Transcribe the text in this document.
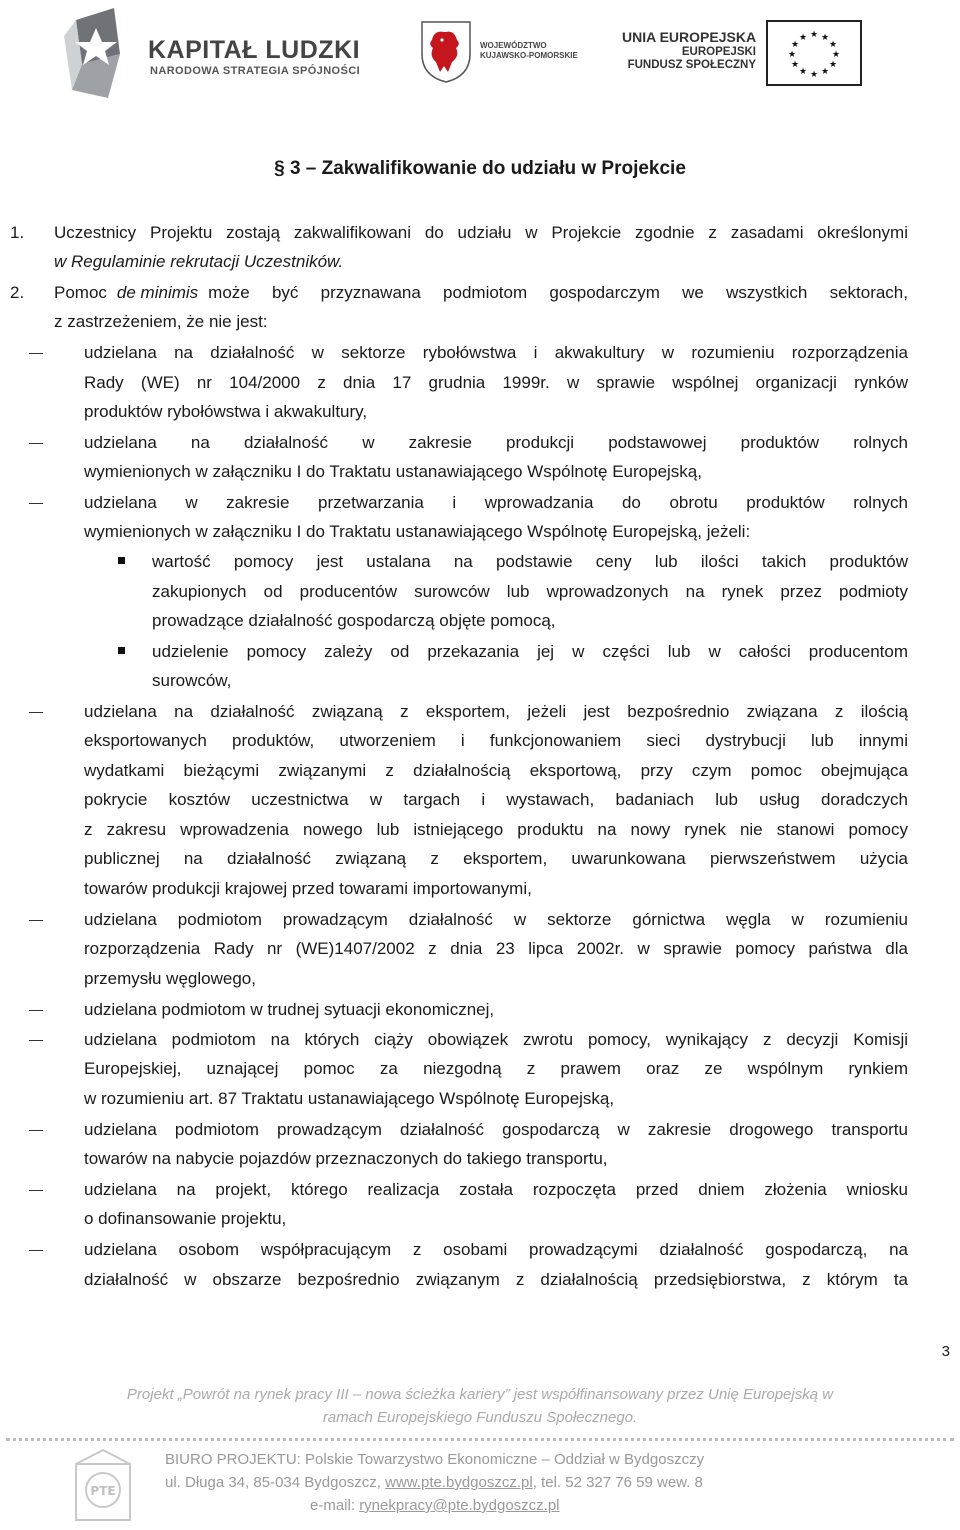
KAPITAŁ LUDZKI
NARODOWA STRATEGIA SPÓJNOŚCI
WOJEWÓDZTWO
KUJAWSKO-POMORSKIE
UNIA EUROPEJSKA
EUROPEJSKI
FUNDUSZ SPOŁECZNY
★ ★
★
★
★
★
★
★
★
★
★
★
§ 3 – Zakwalifikowanie do udziału w Projekcie
1. Uczestnicy Projektu zostają zakwalifikowani do udziału w Projekcie zgodnie z zasadami określonymi
w Regulaminie rekrutacji Uczestników.
2. Pomoc de minimis może być przyznawana podmiotom gospodarczym we wszystkich sektorach,
z zastrzeżeniem, że nie jest:
udzielana na działalność w sektorze rybołówstwa i akwakultury w rozumieniu rozporządzenia
Rady (WE) nr 104/2000 z dnia 17 grudnia 1999r. w sprawie wspólnej organizacji rynków
produktów rybołówstwa i akwakultury,
udzielana na działalność w zakresie produkcji podstawowej produktów rolnych
wymienionych w załączniku I do Traktatu ustanawiającego Wspólnotę Europejską,
udzielana w zakresie przetwarzania i wprowadzania do obrotu produktów rolnych
wymienionych w załączniku I do Traktatu ustanawiającego Wspólnotę Europejską, jeżeli:
wartość pomocy jest ustalana na podstawie ceny lub ilości takich produktów
zakupionych od producentów surowców lub wprowadzonych na rynek przez podmioty
prowadzące działalność gospodarczą objęte pomocą,
udzielenie pomocy zależy od przekazania jej w części lub w całości producentom
surowców,
udzielana na działalność związaną z eksportem, jeżeli jest bezpośrednio związana z ilością
eksportowanych produktów, utworzeniem i funkcjonowaniem sieci dystrybucji lub innymi
wydatkami bieżącymi związanymi z działalnością eksportową, przy czym pomoc obejmująca
pokrycie kosztów uczestnictwa w targach i wystawach, badaniach lub usług doradczych
z zakresu wprowadzenia nowego lub istniejącego produktu na nowy rynek nie stanowi pomocy
publicznej na działalność związaną z eksportem, uwarunkowana pierwszeństwem użycia
towarów produkcji krajowej przed towarami importowanymi,
udzielana podmiotom prowadzącym działalność w sektorze górnictwa węgla w rozumieniu
rozporządzenia Rady nr (WE)1407/2002 z dnia 23 lipca 2002r. w sprawie pomocy państwa dla
przemysłu węglowego,
udzielana podmiotom w trudnej sytuacji ekonomicznej,
udzielana podmiotom na których ciąży obowiązek zwrotu pomocy, wynikający z decyzji Komisji
Europejskiej, uznającej pomoc za niezgodną z prawem oraz ze wspólnym rynkiem
w rozumieniu art. 87 Traktatu ustanawiającego Wspólnotę Europejską,
udzielana podmiotom prowadzącym działalność gospodarczą w zakresie drogowego transportu
towarów na nabycie pojazdów przeznaczonych do takiego transportu,
udzielana na projekt, którego realizacja została rozpoczęta przed dniem złożenia wniosku
o dofinansowanie projektu,
udzielana osobom współpracującym z osobami prowadzącymi działalność gospodarczą, na
działalność w obszarze bezpośrednio związanym z działalnością przedsiębiorstwa, z którym ta
3
Projekt „Powrót na rynek pracy III – nowa ścieżka kariery” jest współfinansowany przez Unię Europejską w
ramach Europejskiego Funduszu Społecznego.
PTE
BIURO PROJEKTU: Polskie Towarzystwo Ekonomiczne – Oddział w Bydgoszczy
ul. Długa 34, 85-034 Bydgoszcz, www.pte.bydgoszcz.pl, tel. 52 327 76 59 wew. 8
e-mail: rynekpracy@pte.bydgoszcz.pl
